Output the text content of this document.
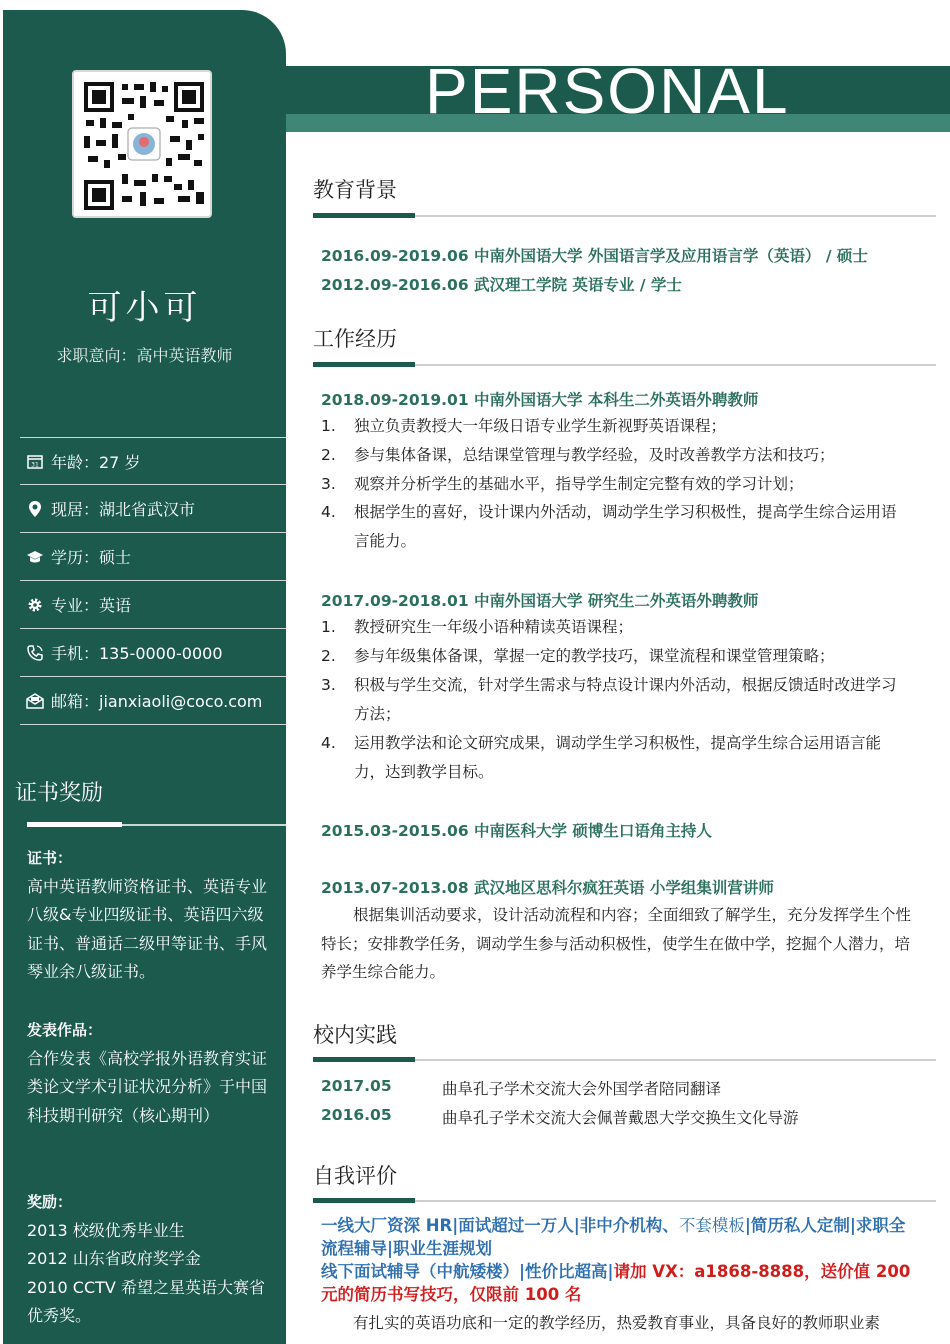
可小可
求职意向：高中英语教师
31 年龄：27 岁
现居：湖北省武汉市
学历：硕士
专业：英语
手机：135-0000-0000
邮箱：jianxiaoli@coco.com
证书奖励
证书：
高中英语教师资格证书、英语专业八级&专业四级证书、英语四六级证书、普通话二级甲等证书、手风琴业余八级证书。
发表作品：
合作发表《高校学报外语教育实证类论文学术引证状况分析》于中国科技期刊研究（核心期刊）
奖励：
2013 校级优秀毕业生
2012 山东省政府奖学金
2010 CCTV 希望之星英语大赛省优秀奖。
PERSONAL
教育背景
2016.09-2019.06 中南外国语大学 外国语言学及应用语言学（英语） / 硕士
2012.09-2016.06 武汉理工学院 英语专业 / 学士
工作经历
2018.09-2019.01 中南外国语大学 本科生二外英语外聘教师
1.	独立负责教授大一年级日语专业学生新视野英语课程；
2.	参与集体备课，总结课堂管理与教学经验，及时改善教学方法和技巧；
3.	观察并分析学生的基础水平，指导学生制定完整有效的学习计划；
4.	根据学生的喜好，设计课内外活动，调动学生学习积极性，提高学生综合运用语言能力。
2017.09-2018.01 中南外国语大学 研究生二外英语外聘教师
1.	教授研究生一年级小语种精读英语课程；
2.	参与年级集体备课，掌握一定的教学技巧，课堂流程和课堂管理策略；
3.	积极与学生交流，针对学生需求与特点设计课内外活动，根据反馈适时改进学习方法；
4.	运用教学法和论文研究成果，调动学生学习积极性，提高学生综合运用语言能力，达到教学目标。
2015.03-2015.06 中南医科大学 硕博生口语角主持人
2013.07-2013.08 武汉地区思科尔疯狂英语 小学组集训营讲师
根据集训活动要求，设计活动流程和内容；全面细致了解学生，充分发挥学生个性特长；安排教学任务，调动学生参与活动积极性，使学生在做中学，挖掘个人潜力，培养学生综合能力。
校内实践
2017.05	曲阜孔子学术交流大会外国学者陪同翻译
2016.05	曲阜孔子学术交流大会佩普戴恩大学交换生文化导游
自我评价
一线大厂资深 HR|面试超过一万人|非中介机构、不套模板|简历私人定制|求职全流程辅导|职业生涯规划
线下面试辅导（中航矮楼）|性价比超高|请加 VX：a1868-8888，送价值 200 元的简历书写技巧，仅限前 100 名
有扎实的英语功底和一定的教学经历，热爱教育事业，具备良好的教师职业素
